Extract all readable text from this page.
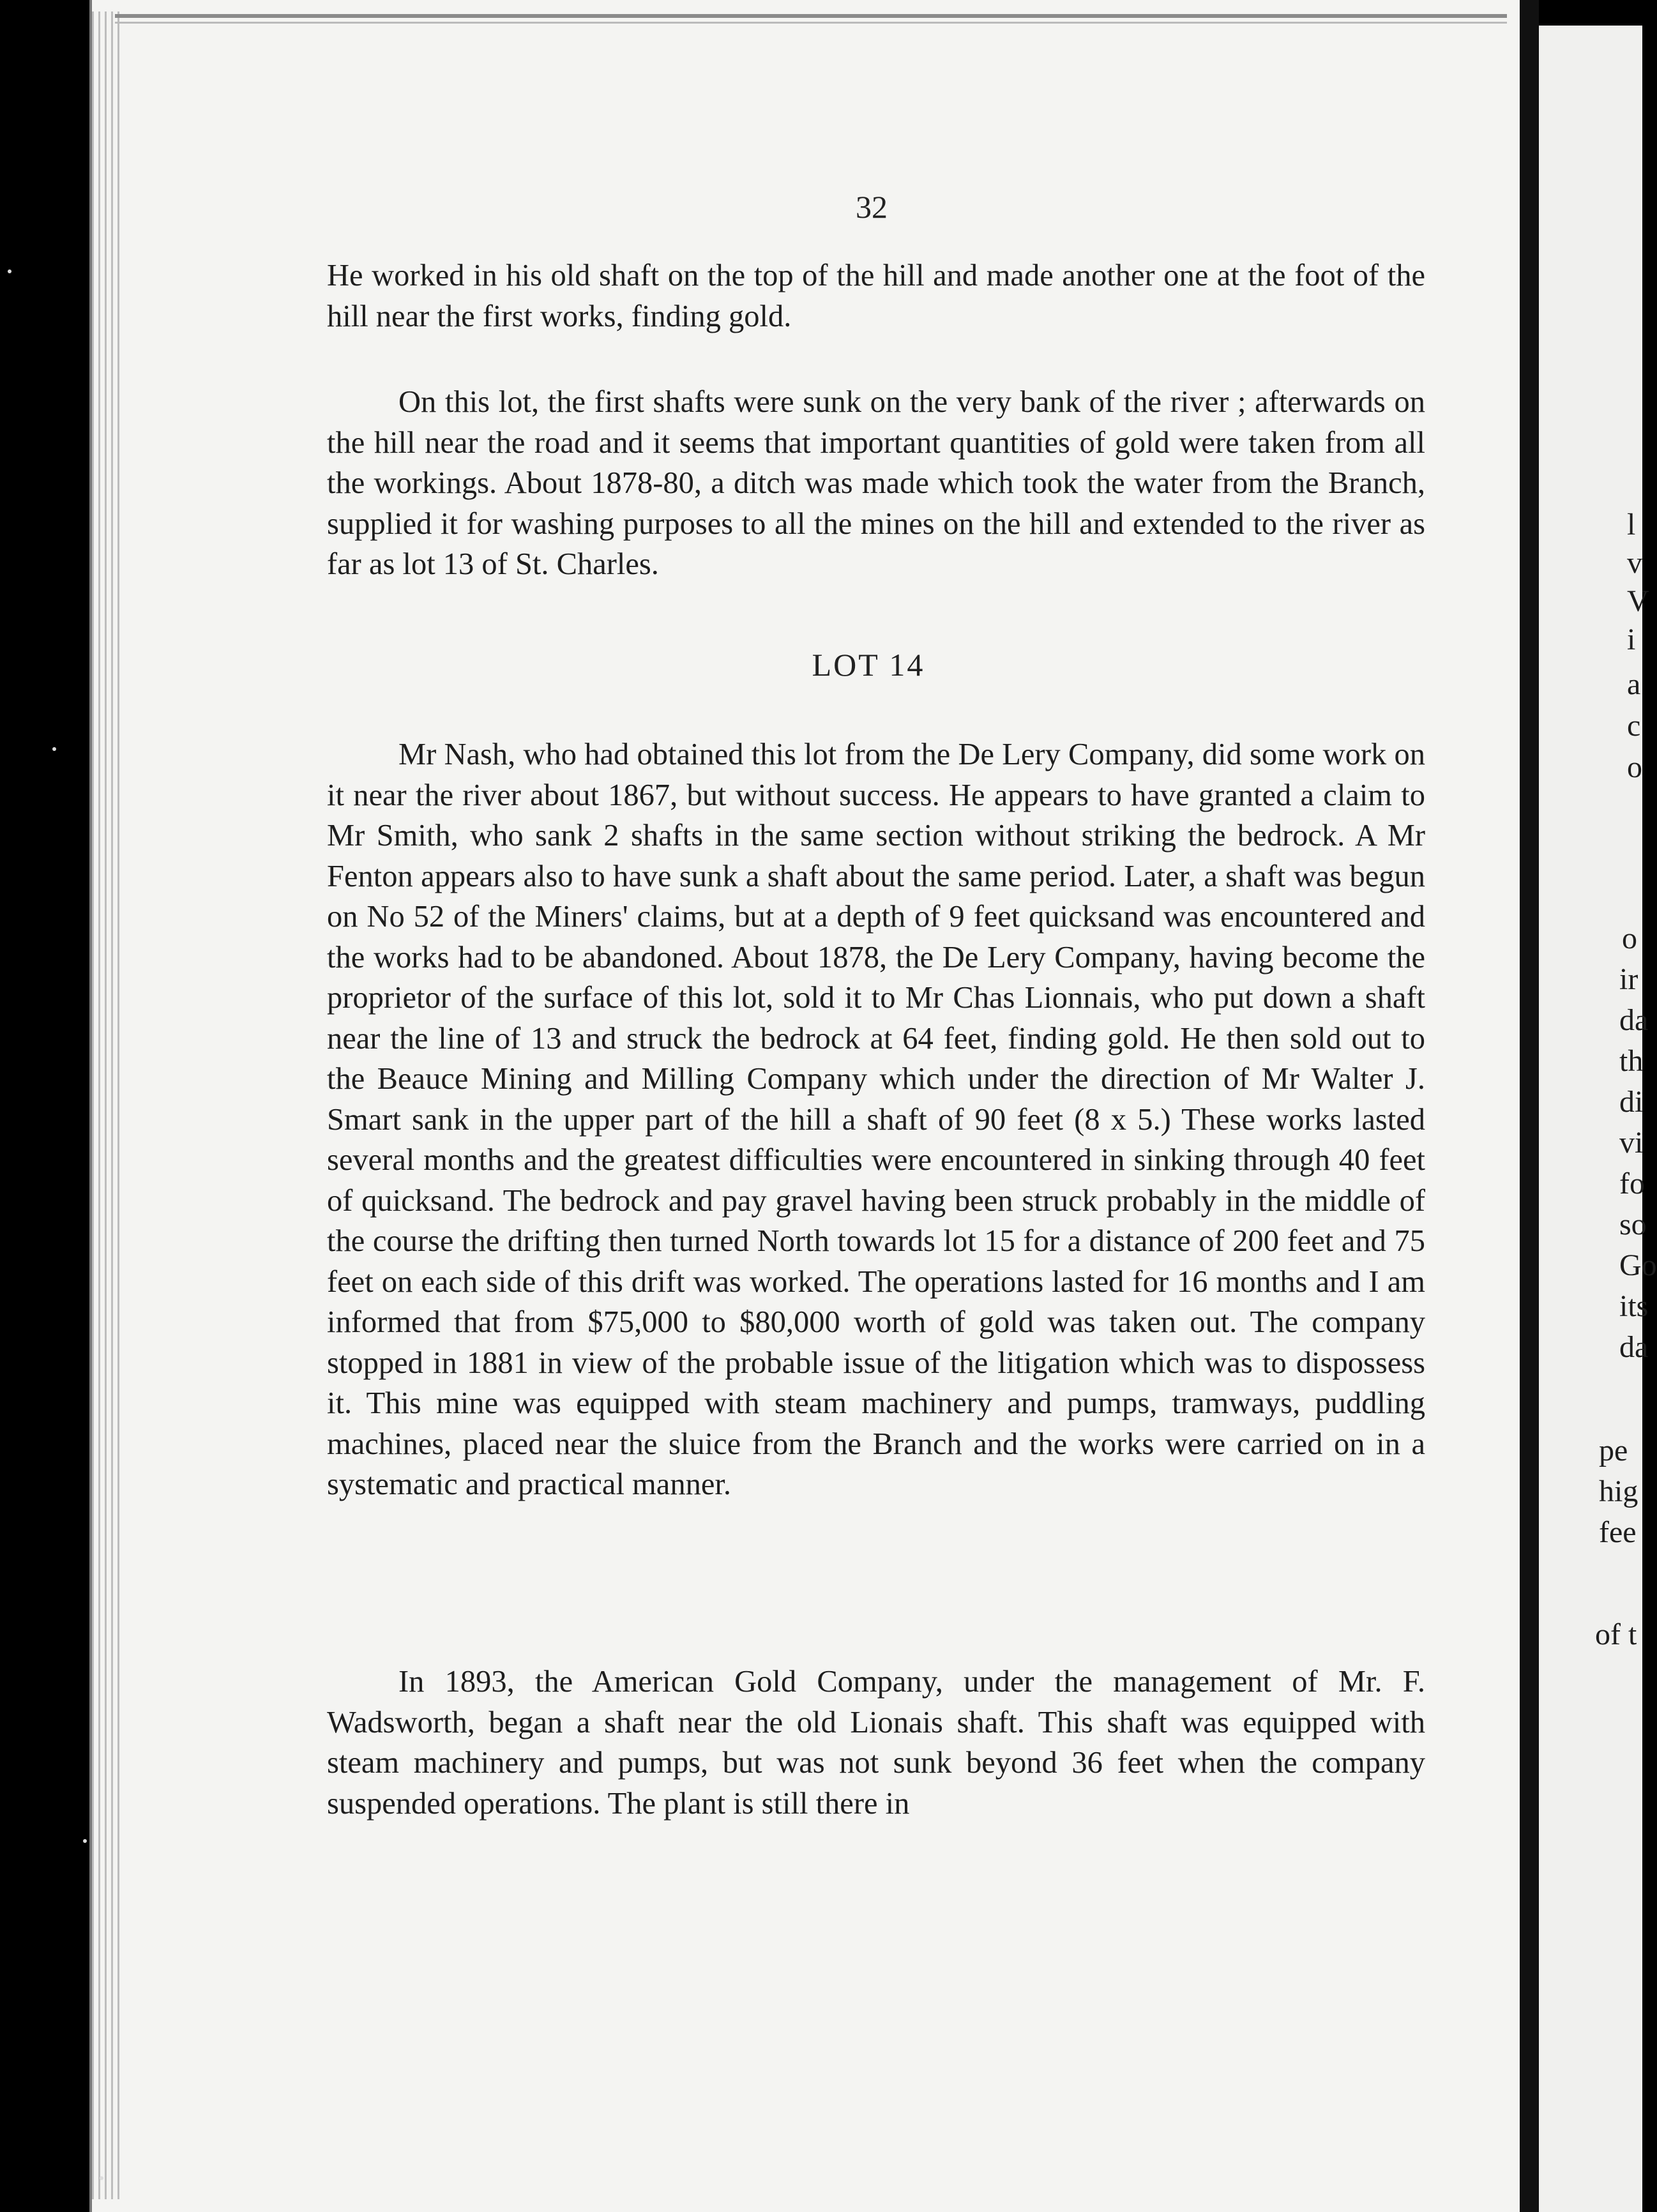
32

He worked in his old shaft on the top of the hill and made another one at the foot of the hill near the first works, finding gold.

On this lot, the first shafts were sunk on the very bank of the river ; afterwards on the hill near the road and it seems that important quantities of gold were taken from all the workings. About 1878-80, a ditch was made which took the water from the Branch, supplied it for washing purposes to all the mines on the hill and extended to the river as far as lot 13 of St. Charles.

LOT 14

Mr Nash, who had obtained this lot from the De Lery Company, did some work on it near the river about 1867, but without success. He appears to have granted a claim to Mr Smith, who sank 2 shafts in the same section without striking the bedrock. A Mr Fenton appears also to have sunk a shaft about the same period. Later, a shaft was begun on No 52 of the Miners' claims, but at a depth of 9 feet quicksand was encountered and the works had to be abandoned. About 1878, the De Lery Company, having become the proprietor of the surface of this lot, sold it to Mr Chas Lionnais, who put down a shaft near the line of 13 and struck the bedrock at 64 feet, finding gold. He then sold out to the Beauce Mining and Milling Company which under the direction of Mr Walter J. Smart sank in the upper part of the hill a shaft of 90 feet (8 x 5.) These works lasted several months and the greatest difficulties were encountered in sinking through 40 feet of quicksand. The bedrock and pay gravel having been struck probably in the middle of the course the drifting then turned North towards lot 15 for a distance of 200 feet and 75 feet on each side of this drift was worked. The operations lasted for 16 months and I am informed that from $75,000 to $80,000 worth of gold was taken out. The company stopped in 1881 in view of the probable issue of the litigation which was to dispossess it. This mine was equipped with steam machinery and pumps, tramways, puddling machines, placed near the sluice from the Branch and the works were carried on in a systematic and practical manner.

In 1893, the American Gold Company, under the management of Mr. F. Wadsworth, began a shaft near the old Lionais shaft. This shaft was equipped with steam machinery and pumps, but was not sunk beyond 36 feet when the company suspended operations. The plant is still there in

l
v
V
i
a
c
o
o
ir
da
th
di
vi
fo
so
Go
its
da
pe
hig
fee
of t
